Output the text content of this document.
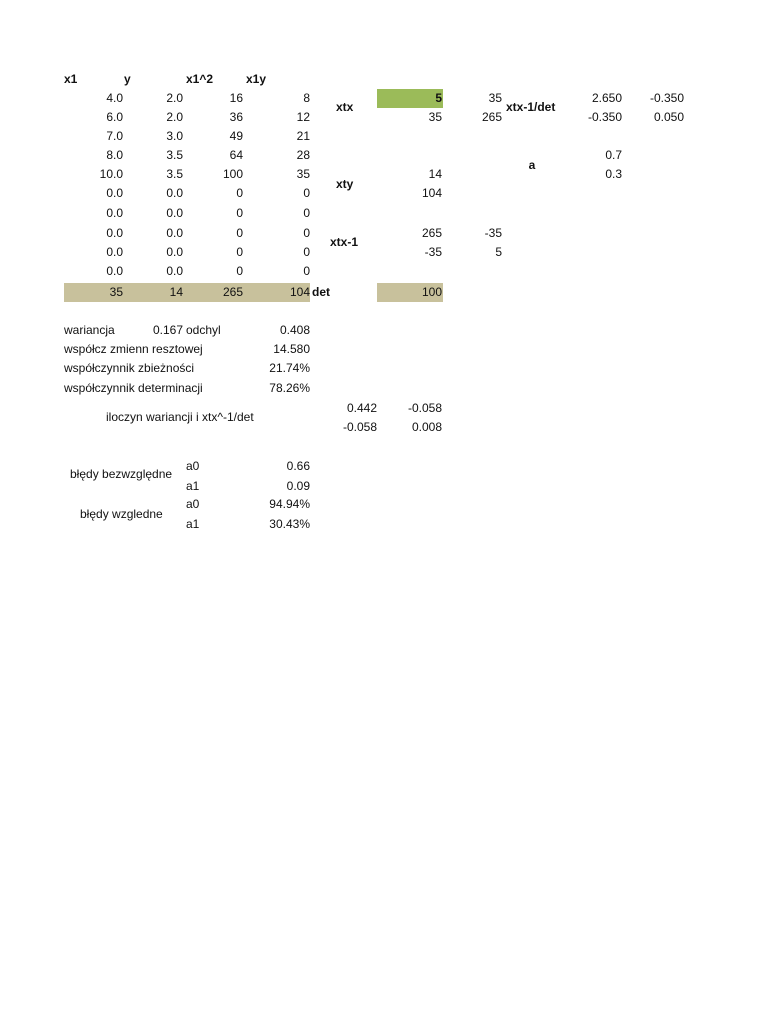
x1	y	x1^2	x1y
4.0	2.0	16	8
6.0	2.0	36	12
7.0	3.0	49	21
8.0	3.5	64	28
10.0	3.5	100	35
0.0	0.0	0	0
0.0	0.0	0	0
0.0	0.0	0	0
0.0	0.0	0	0
0.0	0.0	0	0
35	14	265	104 det	100
xtx
5	35
35	265
xtx-1/det
2.650	-0.350
-0.350	0.050
a
0.7
0.3
xty
14
104
xtx-1
265	-35
-35	5
wariancja	0.167 odchyl	0.408
współcz zmienn resztowej	14.580
współczynnik zbieżności	21.74%
współczynnik determinacji	78.26%
iloczyn wariancji i xtx^-1/det
0.442	-0.058
-0.058	0.008
błędy bezwzględne
a0	0.66
a1	0.09
błędy wzgledne
a0	94.94%
a1	30.43%
